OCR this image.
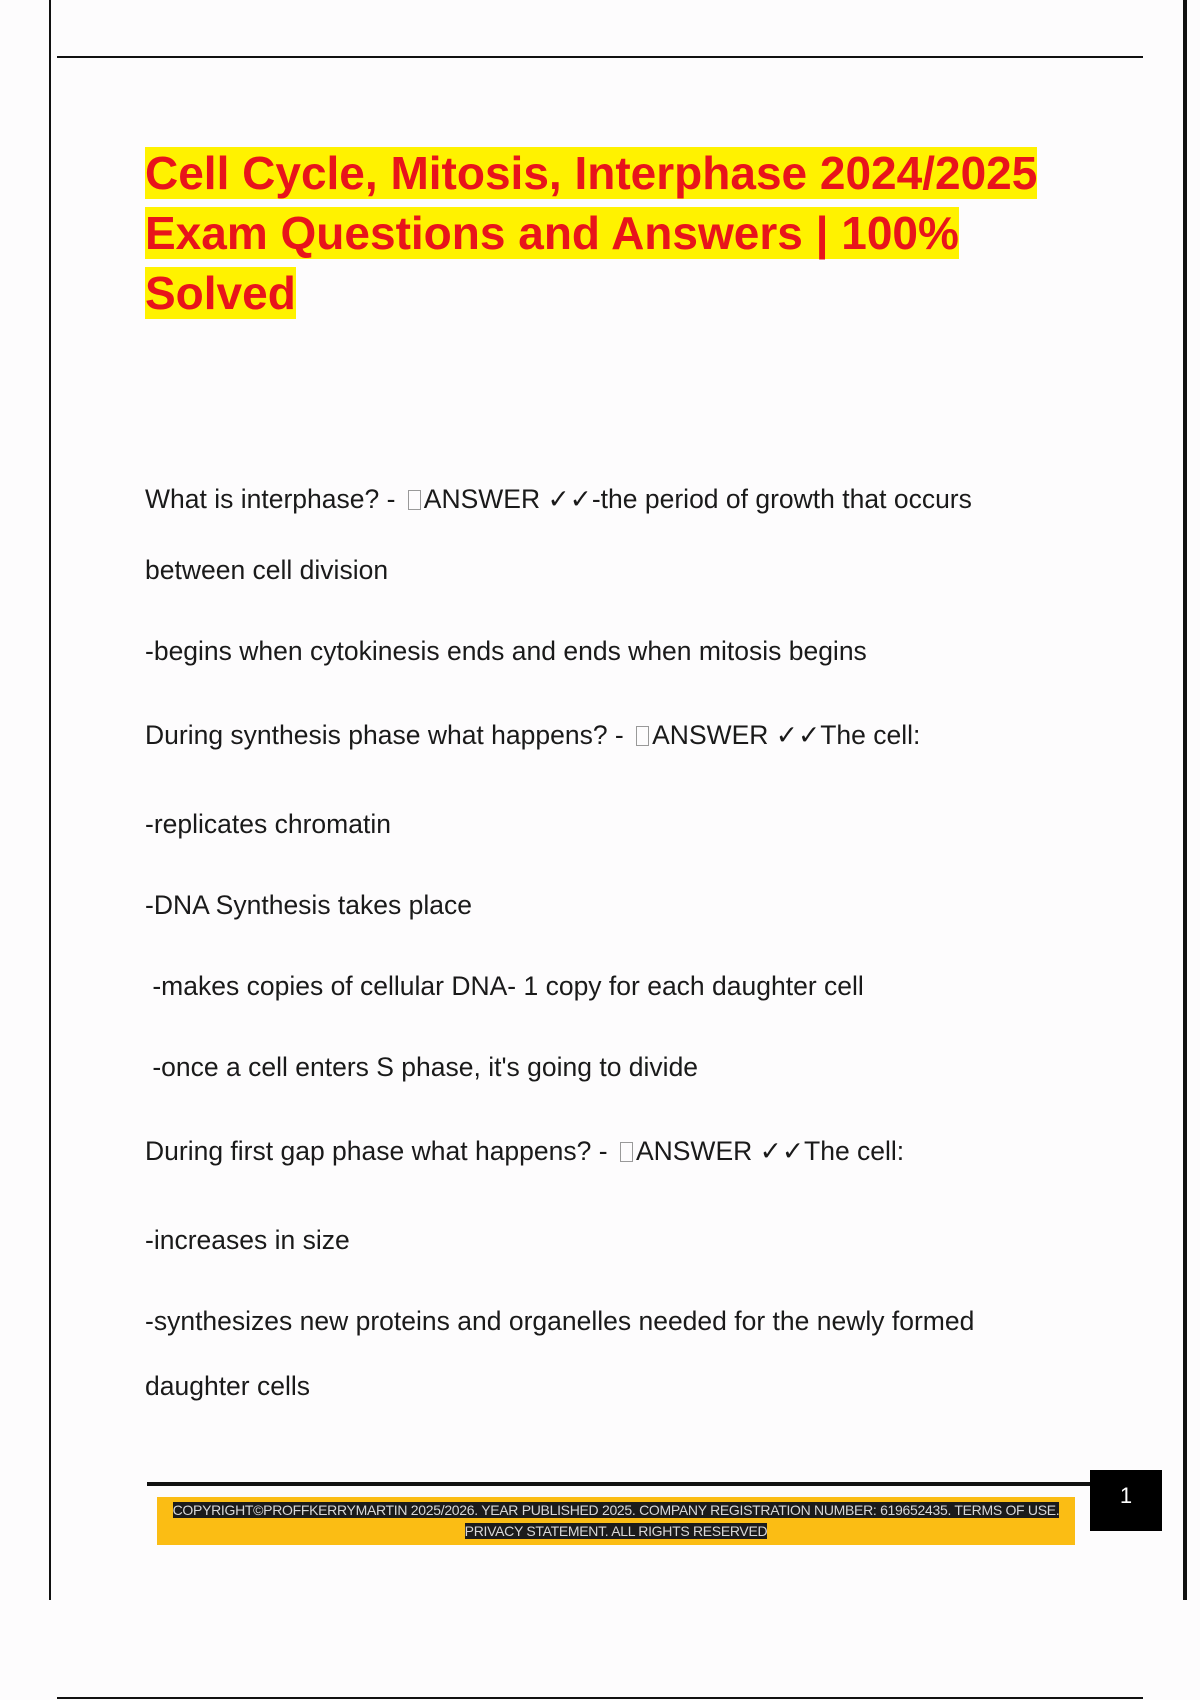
Cell Cycle, Mitosis, Interphase 2024/2025
Exam Questions and Answers | 100%
Solved
What is interphase? - ANSWER ✓✓-the period of growth that occurs
between cell division
-begins when cytokinesis ends and ends when mitosis begins
During synthesis phase what happens? - ANSWER ✓✓The cell:
-replicates chromatin
-DNA Synthesis takes place
-makes copies of cellular DNA- 1 copy for each daughter cell
-once a cell enters S phase, it's going to divide
During first gap phase what happens? - ANSWER ✓✓The cell:
-increases in size
-synthesizes new proteins and organelles needed for the newly formed
daughter cells
COPYRIGHT©PROFFKERRYMARTIN 2025/2026. YEAR PUBLISHED 2025. COMPANY REGISTRATION NUMBER: 619652435. TERMS OF USE.
PRIVACY STATEMENT. ALL RIGHTS RESERVED
1
